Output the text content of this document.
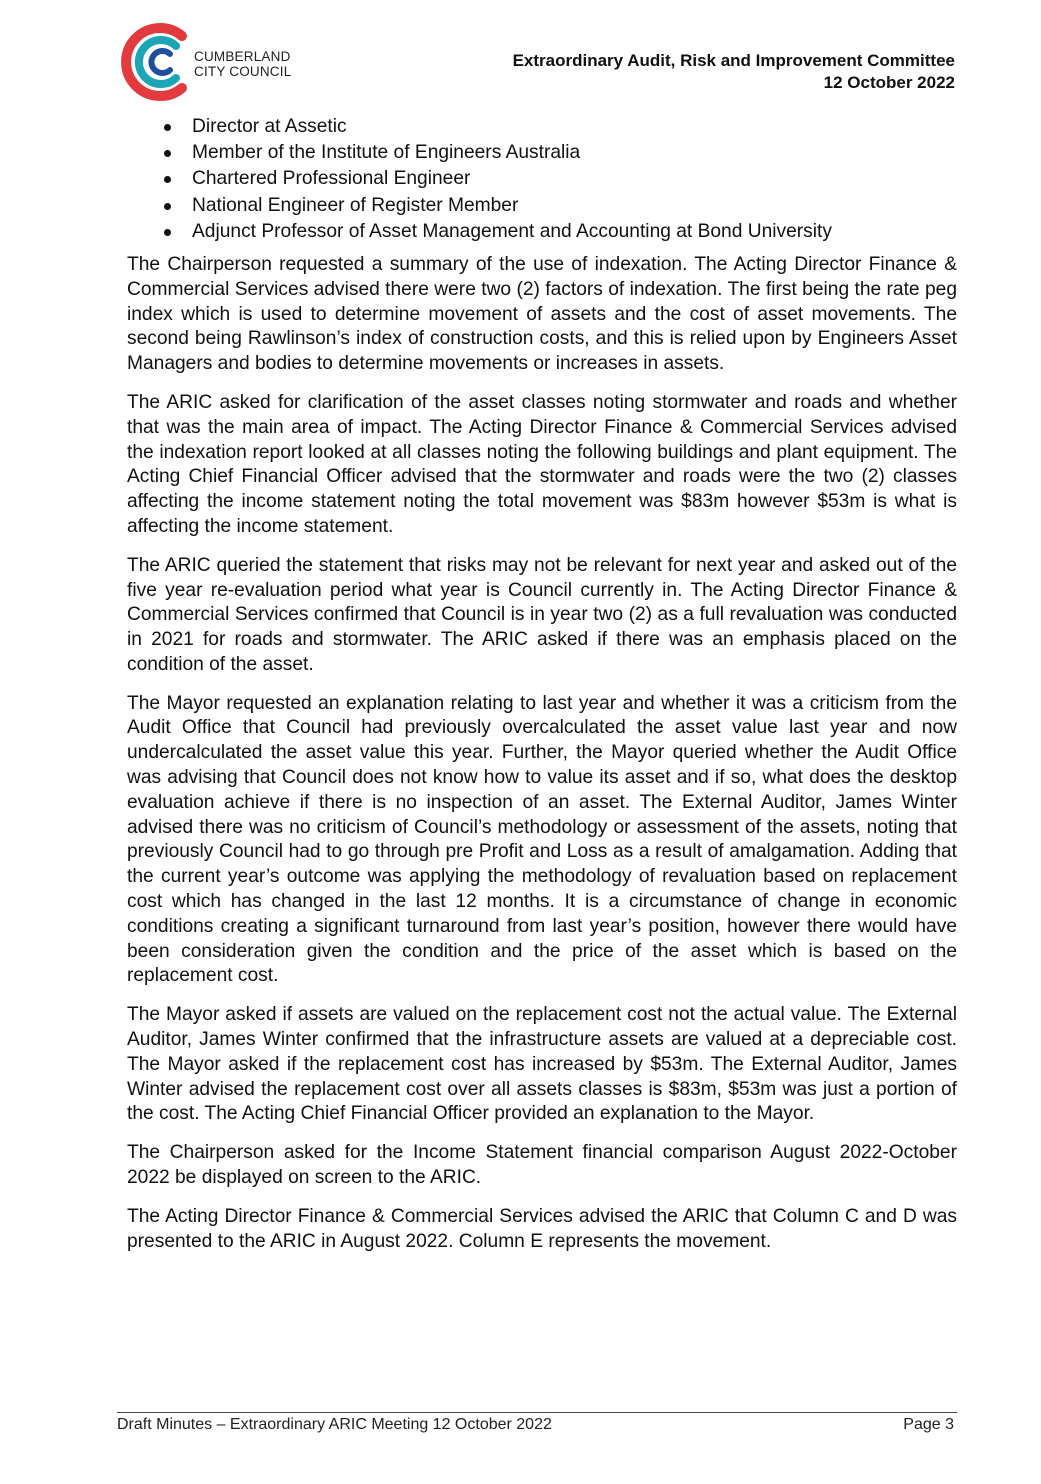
CUMBERLAND
CITY COUNCIL
Extraordinary Audit, Risk and Improvement Committee
12 October 2022
Director at Assetic
Member of the Institute of Engineers Australia
Chartered Professional Engineer
National Engineer of Register Member
Adjunct Professor of Asset Management and Accounting at Bond University

The Chairperson requested a summary of the use of indexation. The Acting Director Finance & Commercial Services advised there were two (2) factors of indexation. The first being the rate peg index which is used to determine movement of assets and the cost of asset movements. The second being Rawlinson’s index of construction costs, and this is relied upon by Engineers Asset Managers and bodies to determine movements or increases in assets.

The ARIC asked for clarification of the asset classes noting stormwater and roads and whether that was the main area of impact. The Acting Director Finance & Commercial Services advised the indexation report looked at all classes noting the following buildings and plant equipment. The Acting Chief Financial Officer advised that the stormwater and roads were the two (2) classes affecting the income statement noting the total movement was $83m however $53m is what is affecting the income statement.

The ARIC queried the statement that risks may not be relevant for next year and asked out of the five year re-evaluation period what year is Council currently in. The Acting Director Finance & Commercial Services confirmed that Council is in year two (2) as a full revaluation was conducted in 2021 for roads and stormwater. The ARIC asked if there was an emphasis placed on the condition of the asset.

The Mayor requested an explanation relating to last year and whether it was a criticism from the Audit Office that Council had previously overcalculated the asset value last year and now undercalculated the asset value this year. Further, the Mayor queried whether the Audit Office was advising that Council does not know how to value its asset and if so, what does the desktop evaluation achieve if there is no inspection of an asset. The External Auditor, James Winter advised there was no criticism of Council’s methodology or assessment of the assets, noting that previously Council had to go through pre Profit and Loss as a result of amalgamation. Adding that the current year’s outcome was applying the methodology of revaluation based on replacement cost which has changed in the last 12 months. It is a circumstance of change in economic conditions creating a significant turnaround from last year’s position, however there would have been consideration given the condition and the price of the asset which is based on the replacement cost.

The Mayor asked if assets are valued on the replacement cost not the actual value. The External Auditor, James Winter confirmed that the infrastructure assets are valued at a depreciable cost. The Mayor asked if the replacement cost has increased by $53m. The External Auditor, James Winter advised the replacement cost over all assets classes is $83m, $53m was just a portion of the cost. The Acting Chief Financial Officer provided an explanation to the Mayor.

The Chairperson asked for the Income Statement financial comparison August 2022-October 2022 be displayed on screen to the ARIC.

The Acting Director Finance & Commercial Services advised the ARIC that Column C and D was presented to the ARIC in August 2022. Column E represents the movement.

Draft Minutes – Extraordinary ARIC Meeting 12 October 2022	Page 3
